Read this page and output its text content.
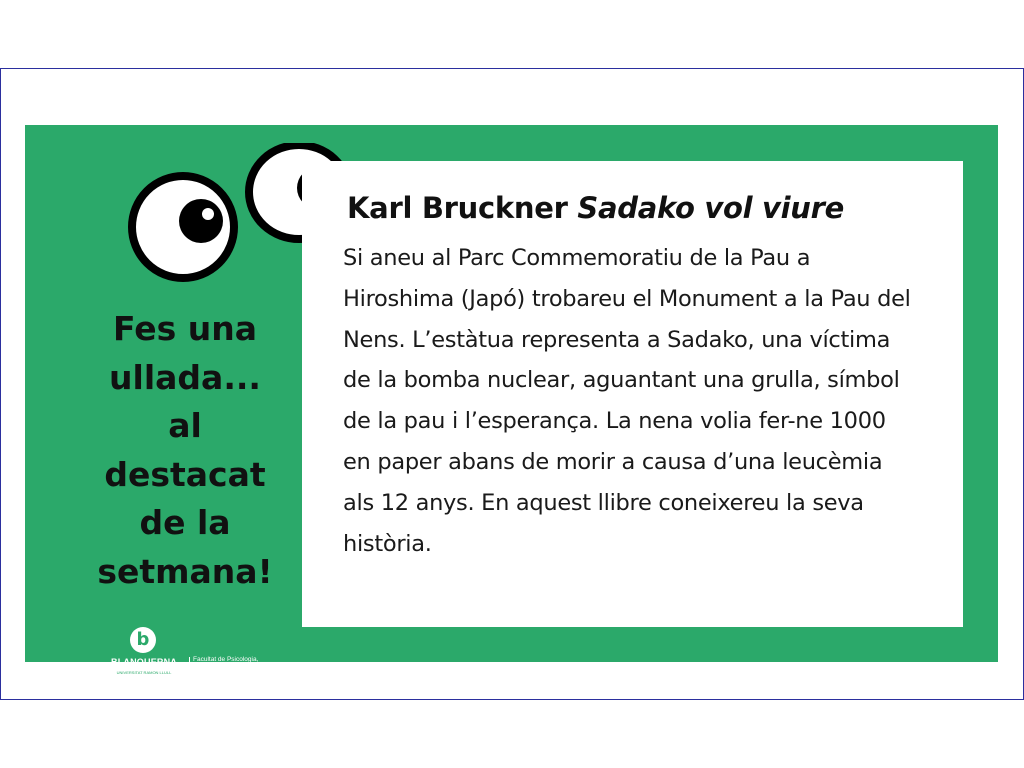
Fes una
ullada...
al
destacat
de la
setmana!

b
BLANQUERNA
UNIVERSITAT RAMON LLULL
Facultat de Psicologia,
Ciències de l’Educació
i de l’Esport
Karl Bruckner Sadako vol viure

Si aneu al Parc Commemoratiu de la Pau a Hiroshima (Japó) trobareu el Monument a la Pau del Nens. L’estàtua representa a Sadako, una víctima de la bomba nuclear, aguantant una grulla, símbol de la pau i l’esperança. La nena volia fer-ne 1000 en paper abans de morir a causa d’una leucèmia als 12 anys. En aquest llibre coneixereu la seva història.
